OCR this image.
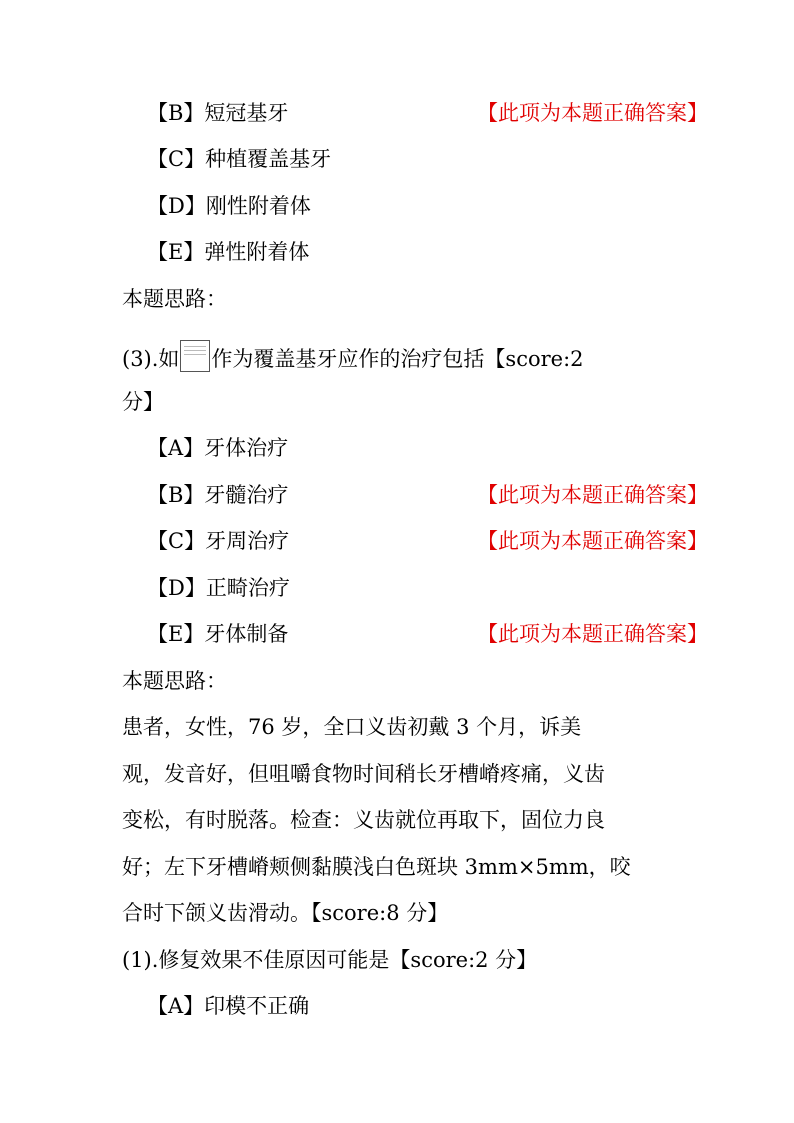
【B】短冠基牙	【此项为本题正确答案】
【C】种植覆盖基牙
【D】刚性附着体
【E】弹性附着体
本题思路：
(3).如 作为覆盖基牙应作的治疗包括【score:2
分】
【A】牙体治疗
【B】牙髓治疗	【此项为本题正确答案】
【C】牙周治疗	【此项为本题正确答案】
【D】正畸治疗
【E】牙体制备	【此项为本题正确答案】
本题思路：
患者，女性，76 岁，全口义齿初戴 3 个月，诉美
观，发音好，但咀嚼食物时间稍长牙槽嵴疼痛，义齿
变松，有时脱落。检查：义齿就位再取下，固位力良
好；左下牙槽嵴颊侧黏膜浅白色斑块 3mm×5mm，咬
合时下颌义齿滑动。【score:8 分】
(1).修复效果不佳原因可能是【score:2 分】
【A】印模不正确
